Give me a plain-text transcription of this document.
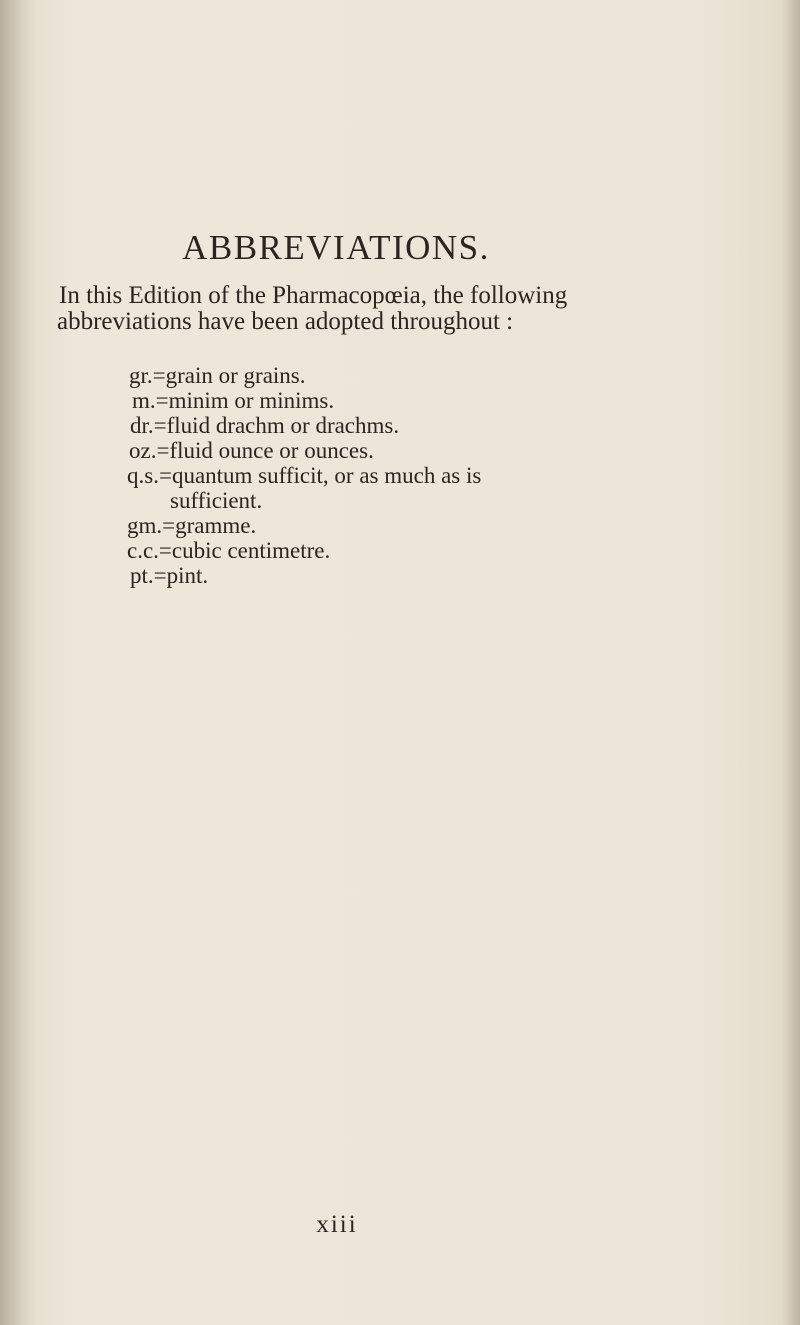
ABBREVIATIONS.

In this Edition of the Pharmacopœia, the following

abbreviations have been adopted throughout :

gr.=grain or grains.
m.=minim or minims.
dr.=fluid drachm or drachms.
oz.=fluid ounce or ounces.
q.s.=quantum sufficit, or as much as is
sufficient.
gm.=gramme.
c.c.=cubic centimetre.
pt.=pint.
xiii
